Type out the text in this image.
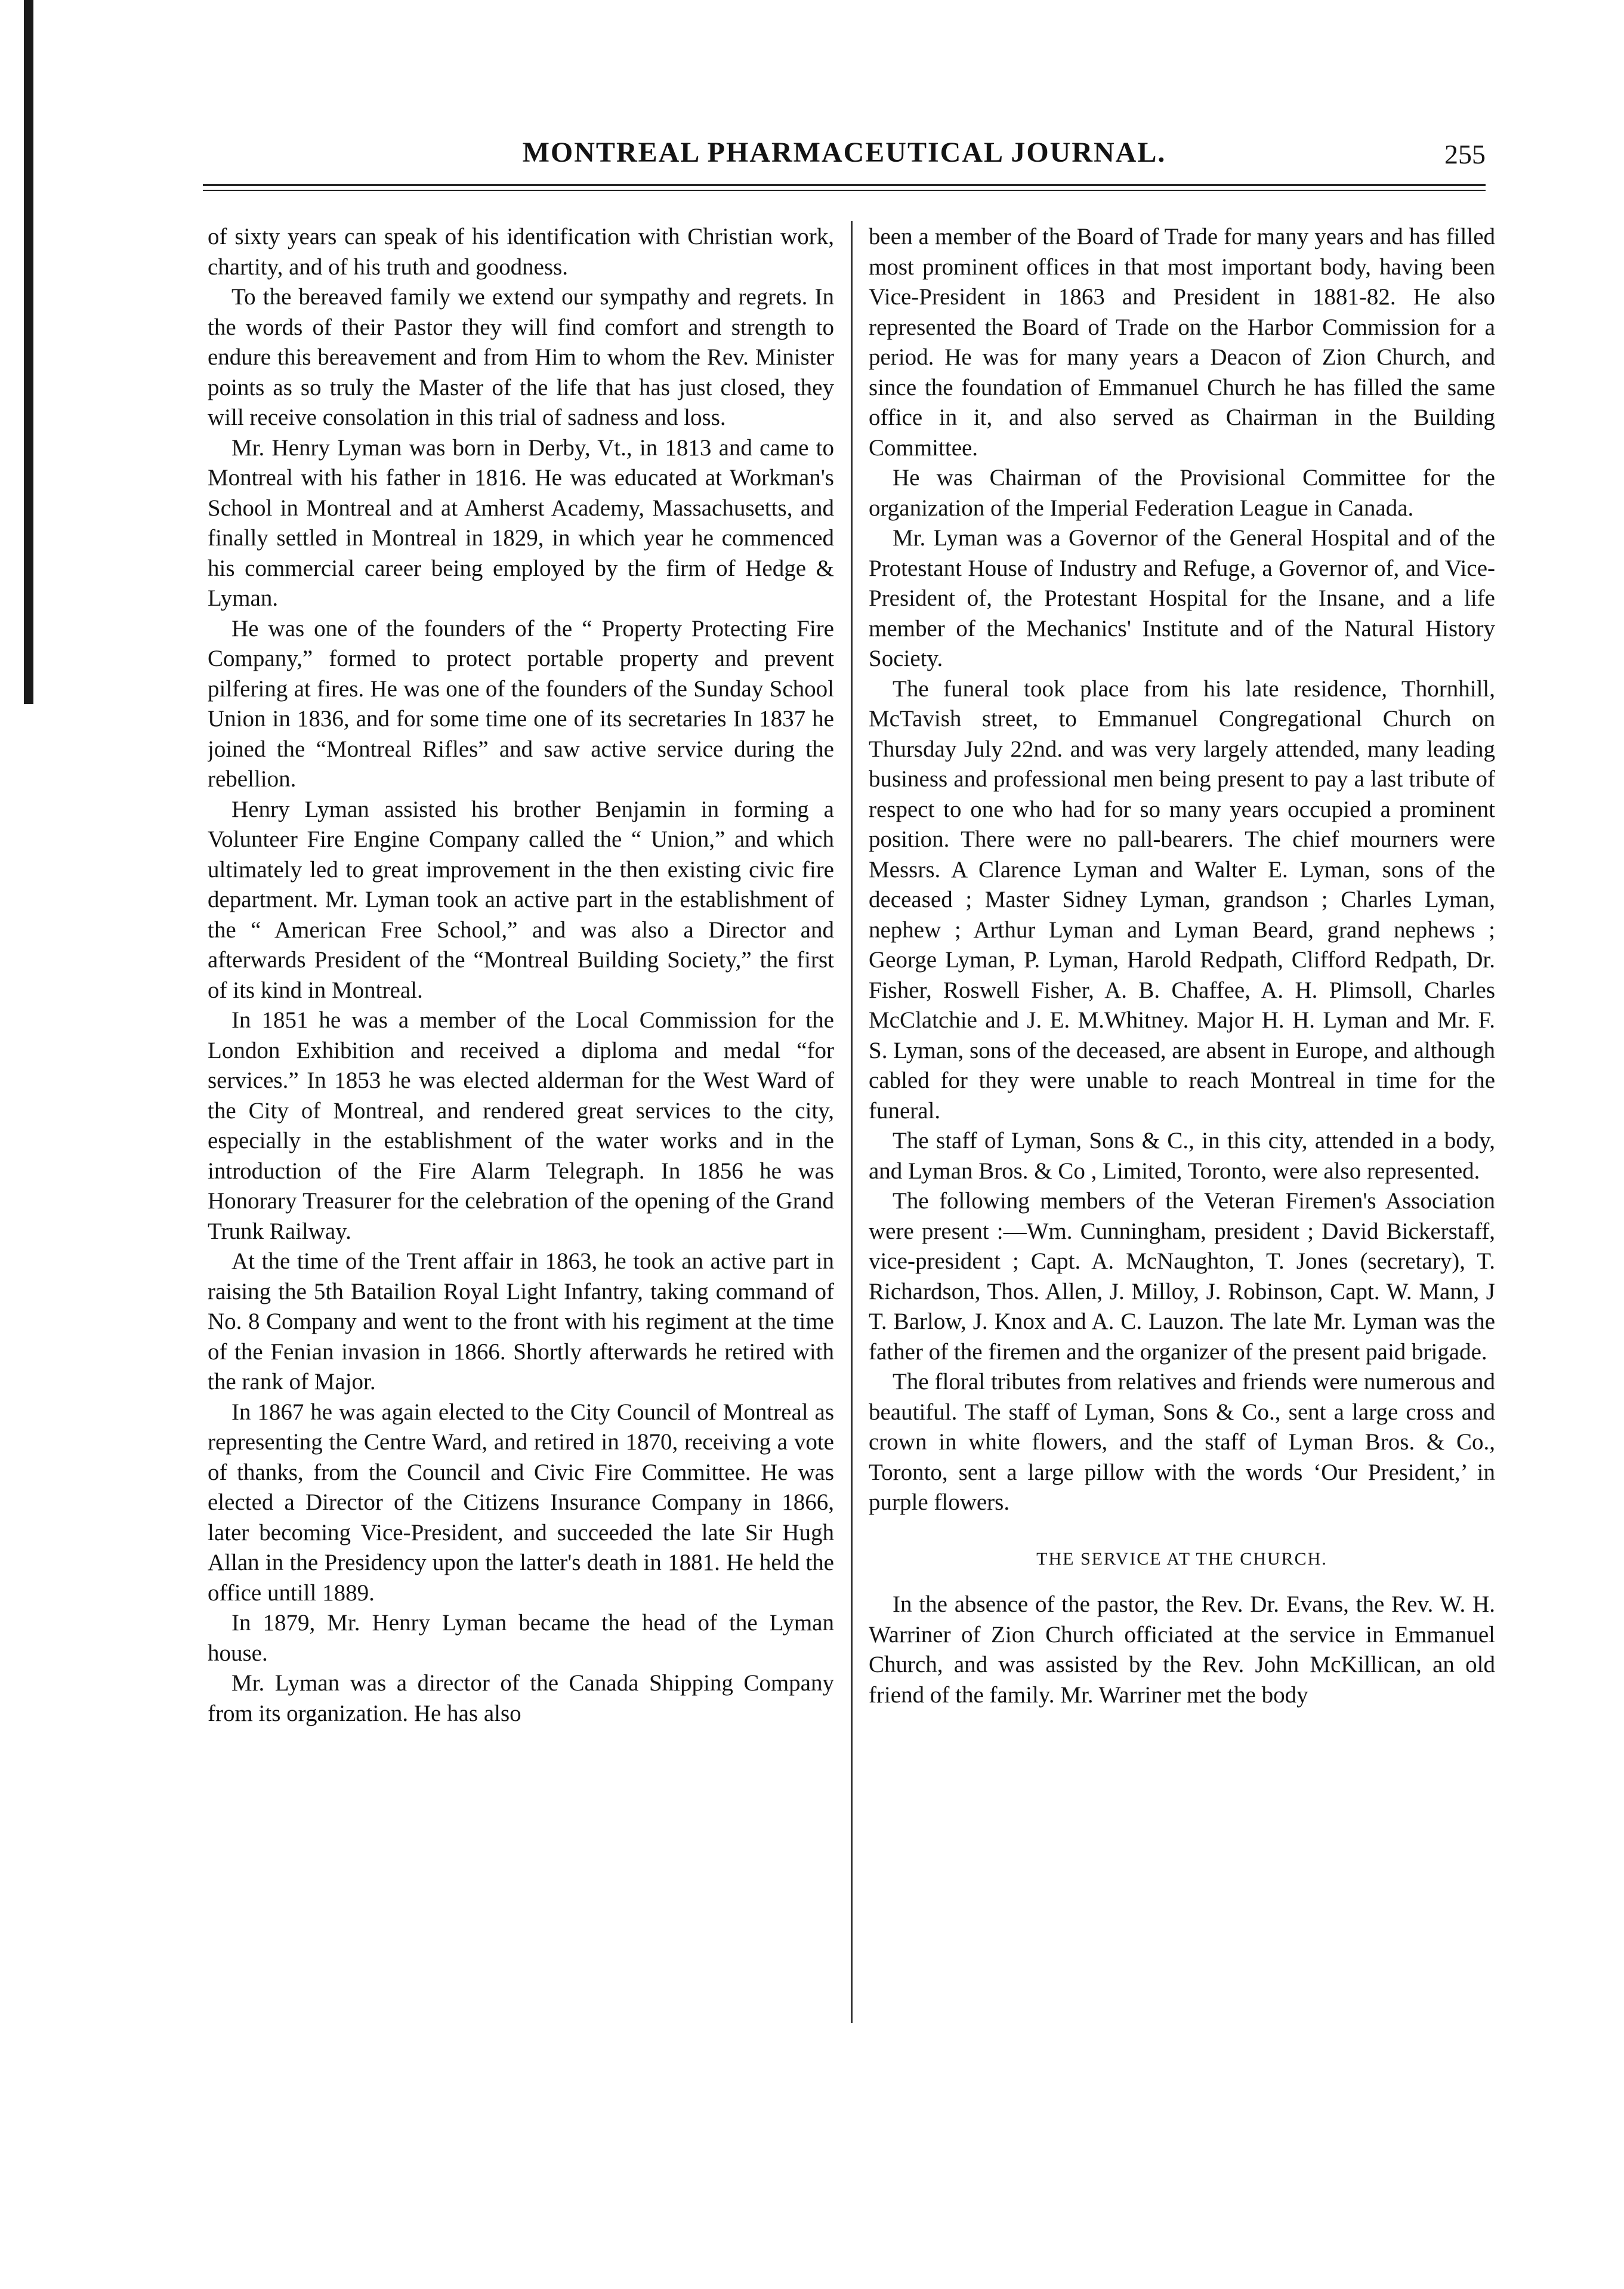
MONTREAL PHARMACEUTICAL JOURNAL.	255

of sixty years can speak of his identification with Christian work, chartity, and of his truth and goodness.

To the bereaved family we extend our sympathy and regrets. In the words of their Pastor they will find comfort and strength to endure this bereavement and from Him to whom the Rev. Minister points as so truly the Master of the life that has just closed, they will receive consolation in this trial of sadness and loss.

Mr. Henry Lyman was born in Derby, Vt., in 1813 and came to Montreal with his father in 1816. He was educated at Workman's School in Montreal and at Amherst Academy, Massachusetts, and finally settled in Montreal in 1829, in which year he commenced his commercial career being employed by the firm of Hedge & Lyman.

He was one of the founders of the “ Property Protecting Fire Company,” formed to protect portable property and prevent pilfering at fires. He was one of the founders of the Sunday School Union in 1836, and for some time one of its secretaries In 1837 he joined the “Montreal Rifles” and saw active service during the rebellion.

Henry Lyman assisted his brother Benjamin in forming a Volunteer Fire Engine Company called the “ Union,” and which ultimately led to great improvement in the then existing civic fire department. Mr. Lyman took an active part in the establishment of the “ American Free School,” and was also a Director and afterwards President of the “Montreal Building Society,” the first of its kind in Montreal.

In 1851 he was a member of the Local Commission for the London Exhibition and received a diploma and medal “for services.” In 1853 he was elected alderman for the West Ward of the City of Montreal, and rendered great services to the city, especially in the establishment of the water works and in the introduction of the Fire Alarm Telegraph. In 1856 he was Honorary Treasurer for the celebration of the opening of the Grand Trunk Railway.

At the time of the Trent affair in 1863, he took an active part in raising the 5th Batailion Royal Light Infantry, taking command of No. 8 Company and went to the front with his regiment at the time of the Fenian invasion in 1866. Shortly afterwards he retired with the rank of Major.

In 1867 he was again elected to the City Council of Montreal as representing the Centre Ward, and retired in 1870, receiving a vote of thanks, from the Council and Civic Fire Committee. He was elected a Director of the Citizens Insurance Company in 1866, later becoming Vice-President, and succeeded the late Sir Hugh Allan in the Presidency upon the latter's death in 1881. He held the office untill 1889.

In 1879, Mr. Henry Lyman became the head of the Lyman house.

Mr. Lyman was a director of the Canada Shipping Company from its organization. He has also

been a member of the Board of Trade for many years and has filled most prominent offices in that most important body, having been Vice-President in 1863 and President in 1881-82. He also represented the Board of Trade on the Harbor Commission for a period. He was for many years a Deacon of Zion Church, and since the foundation of Emmanuel Church he has filled the same office in it, and also served as Chairman in the Building Committee.

He was Chairman of the Provisional Committee for the organization of the Imperial Federation League in Canada.

Mr. Lyman was a Governor of the General Hospital and of the Protestant House of Industry and Refuge, a Governor of, and Vice-President of, the Protestant Hospital for the Insane, and a life member of the Mechanics' Institute and of the Natural History Society.

The funeral took place from his late residence, Thornhill, McTavish street, to Emmanuel Congregational Church on Thursday July 22nd. and was very largely attended, many leading business and professional men being present to pay a last tribute of respect to one who had for so many years occupied a prominent position. There were no pall-bearers. The chief mourners were Messrs. A Clarence Lyman and Walter E. Lyman, sons of the deceased ; Master Sidney Lyman, grandson ; Charles Lyman, nephew ; Arthur Lyman and Lyman Beard, grand nephews ; George Lyman, P. Lyman, Harold Redpath, Clifford Redpath, Dr. Fisher, Roswell Fisher, A. B. Chaffee, A. H. Plimsoll, Charles McClatchie and J. E. M.Whitney. Major H. H. Lyman and Mr. F. S. Lyman, sons of the deceased, are absent in Europe, and although cabled for they were unable to reach Montreal in time for the funeral.

The staff of Lyman, Sons & C., in this city, attended in a body, and Lyman Bros. & Co , Limited, Toronto, were also represented.

The following members of the Veteran Firemen's Association were present :—Wm. Cunningham, president ; David Bickerstaff, vice-president ; Capt. A. McNaughton, T. Jones (secretary), T. Richardson, Thos. Allen, J. Milloy, J. Robinson, Capt. W. Mann, J T. Barlow, J. Knox and A. C. Lauzon. The late Mr. Lyman was the father of the firemen and the organizer of the present paid brigade.

The floral tributes from relatives and friends were numerous and beautiful. The staff of Lyman, Sons & Co., sent a large cross and crown in white flowers, and the staff of Lyman Bros. & Co., Toronto, sent a large pillow with the words ‘Our President,’ in purple flowers.

THE SERVICE AT THE CHURCH.

In the absence of the pastor, the Rev. Dr. Evans, the Rev. W. H. Warriner of Zion Church officiated at the service in Emmanuel Church, and was assisted by the Rev. John McKillican, an old friend of the family. Mr. Warriner met the body
